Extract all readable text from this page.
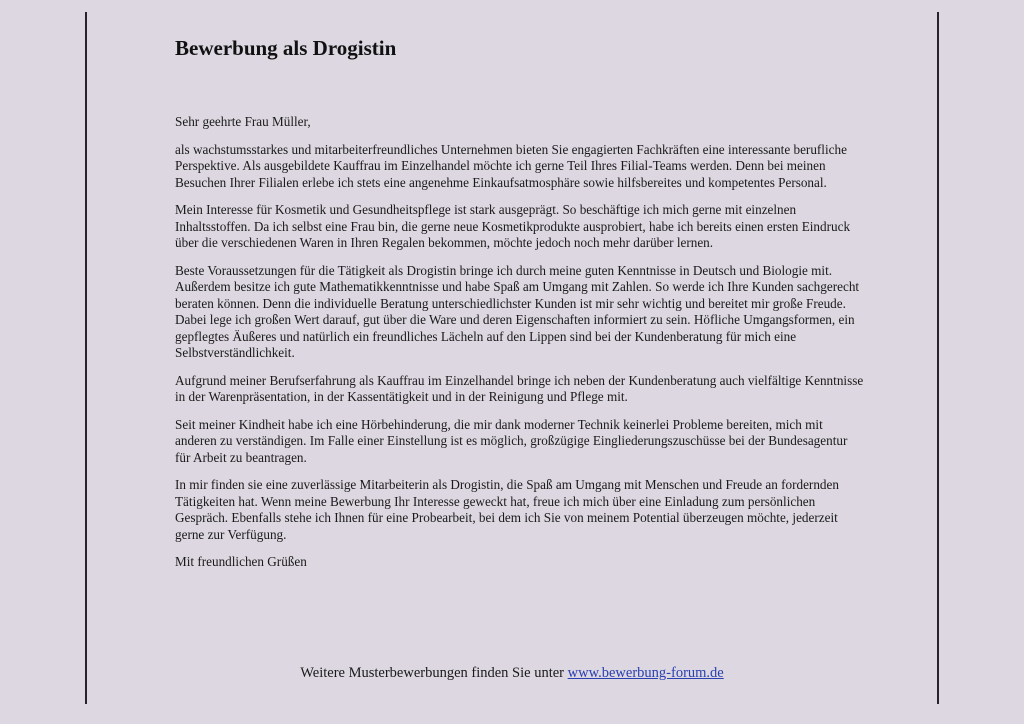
Bewerbung als Drogistin

Sehr geehrte Frau Müller,

als wachstumsstarkes und mitarbeiterfreundliches Unternehmen bieten Sie engagierten Fachkräften eine interessante berufliche Perspektive. Als ausgebildete Kauffrau im Einzelhandel möchte ich gerne Teil Ihres Filial-Teams werden. Denn bei meinen Besuchen Ihrer Filialen erlebe ich stets eine angenehme Einkaufsatmosphäre sowie hilfsbereites und kompetentes Personal.

Mein Interesse für Kosmetik und Gesundheitspflege ist stark ausgeprägt. So beschäftige ich mich gerne mit einzelnen Inhaltsstoffen. Da ich selbst eine Frau bin, die gerne neue Kosmetikprodukte ausprobiert, habe ich bereits einen ersten Eindruck über die verschiedenen Waren in Ihren Regalen bekommen, möchte jedoch noch mehr darüber lernen.

Beste Voraussetzungen für die Tätigkeit als Drogistin bringe ich durch meine guten Kenntnisse in Deutsch und Biologie mit. Außerdem besitze ich gute Mathematikkenntnisse und habe Spaß am Umgang mit Zahlen. So werde ich Ihre Kunden sachgerecht beraten können. Denn die individuelle Beratung unterschiedlichster Kunden ist mir sehr wichtig und bereitet mir große Freude. Dabei lege ich großen Wert darauf, gut über die Ware und deren Eigenschaften informiert zu sein. Höfliche Umgangsformen, ein gepflegtes Äußeres und natürlich ein freundliches Lächeln auf den Lippen sind bei der Kundenberatung für mich eine Selbstverständlichkeit.

Aufgrund meiner Berufserfahrung als Kauffrau im Einzelhandel bringe ich neben der Kundenberatung auch vielfältige Kenntnisse in der Warenpräsentation, in der Kassentätigkeit und in der Reinigung und Pflege mit.

Seit meiner Kindheit habe ich eine Hörbehinderung, die mir dank moderner Technik keinerlei Probleme bereiten, mich mit anderen zu verständigen. Im Falle einer Einstellung ist es möglich, großzügige Eingliederungszuschüsse bei der Bundesagentur für Arbeit zu beantragen.

In mir finden sie eine zuverlässige Mitarbeiterin als Drogistin, die Spaß am Umgang mit Menschen und Freude an fordernden Tätigkeiten hat. Wenn meine Bewerbung Ihr Interesse geweckt hat, freue ich mich über eine Einladung zum persönlichen Gespräch. Ebenfalls stehe ich Ihnen für eine Probearbeit, bei dem ich Sie von meinem Potential überzeugen möchte, jederzeit gerne zur Verfügung.

Mit freundlichen Grüßen

Weitere Musterbewerbungen finden Sie unter www.bewerbung-forum.de
